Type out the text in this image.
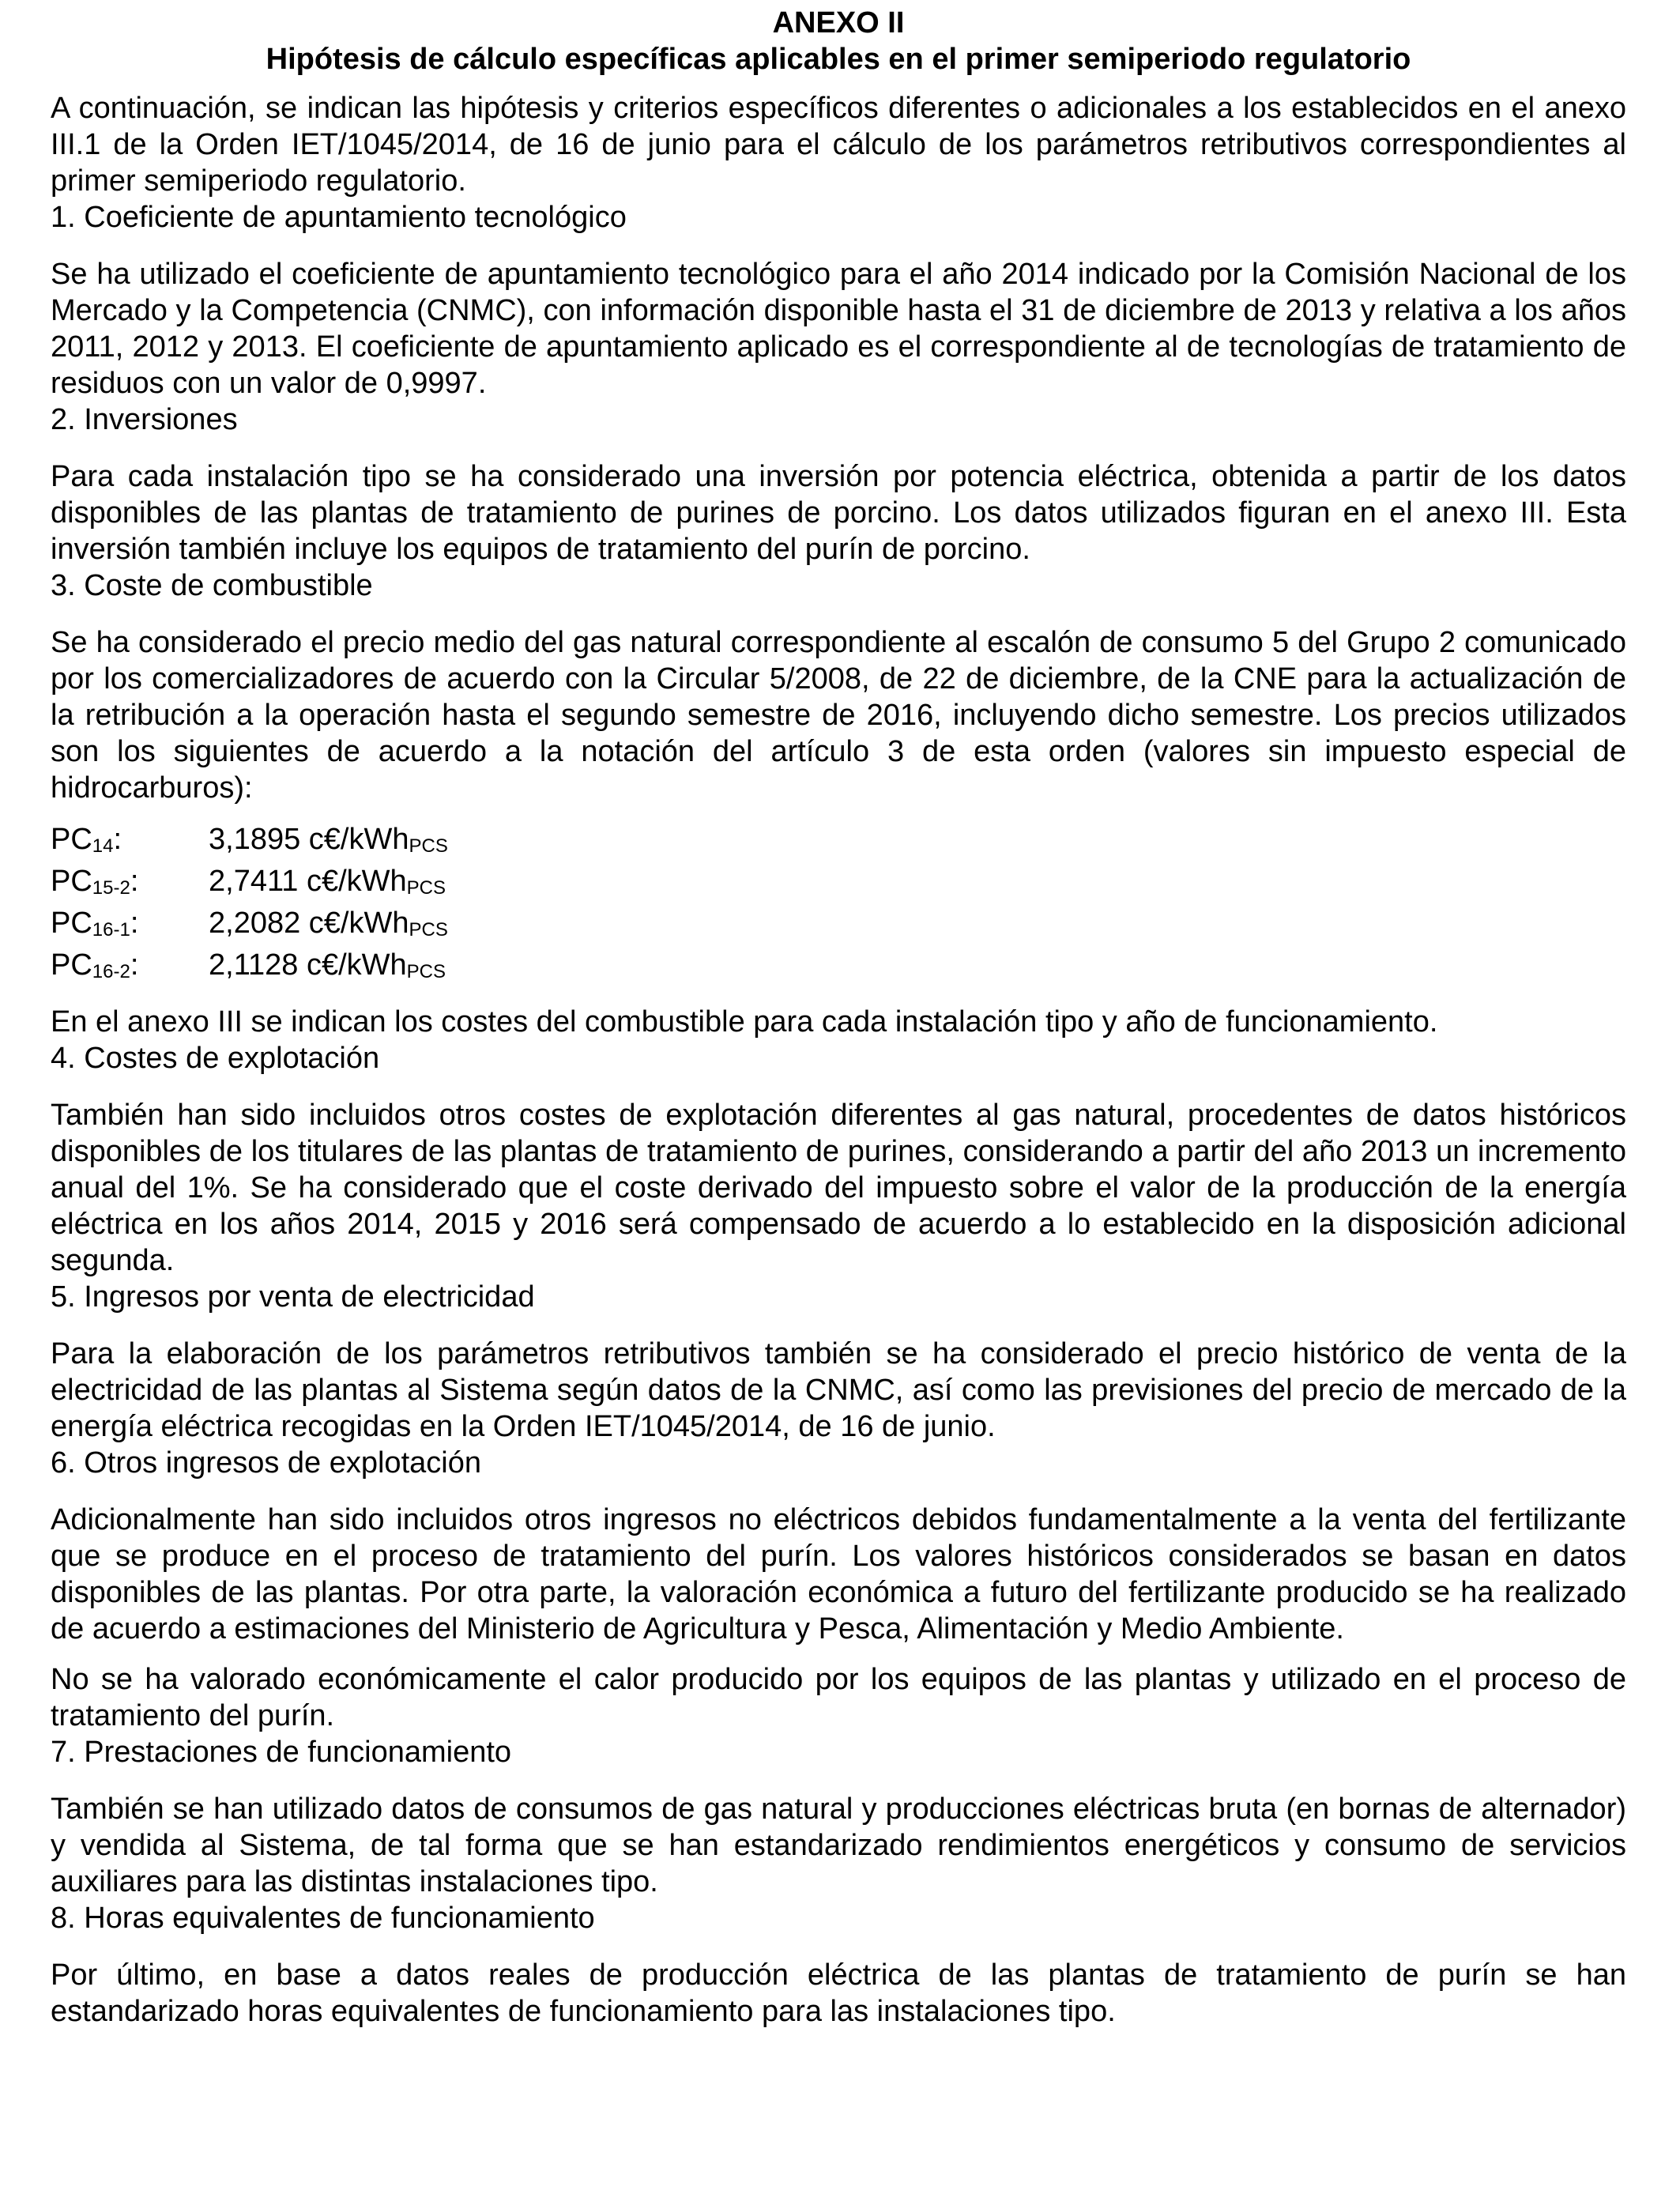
ANEXO II
Hipótesis de cálculo específicas aplicables en el primer semiperiodo regulatorio

A continuación, se indican las hipótesis y criterios específicos diferentes o adicionales a los establecidos en el anexo III.1 de la Orden IET/1045/2014, de 16 de junio para el cálculo de los parámetros retributivos correspondientes al primer semiperiodo regulatorio.

1. Coeficiente de apuntamiento tecnológico

Se ha utilizado el coeficiente de apuntamiento tecnológico para el año 2014 indicado por la Comisión Nacional de los Mercado y la Competencia (CNMC), con información disponible hasta el 31 de diciembre de 2013 y relativa a los años 2011, 2012 y 2013. El coeficiente de apuntamiento aplicado es el correspondiente al de tecnologías de tratamiento de residuos con un valor de 0,9997.

2. Inversiones

Para cada instalación tipo se ha considerado una inversión por potencia eléctrica, obtenida a partir de los datos disponibles de las plantas de tratamiento de purines de porcino. Los datos utilizados figuran en el anexo III. Esta inversión también incluye los equipos de tratamiento del purín de porcino.

3. Coste de combustible

Se ha considerado el precio medio del gas natural correspondiente al escalón de consumo 5 del Grupo 2 comunicado por los comercializadores de acuerdo con la Circular 5/2008, de 22 de diciembre, de la CNE para la actualización de la retribución a la operación hasta el segundo semestre de 2016, incluyendo dicho semestre. Los precios utilizados son los siguientes de acuerdo a la notación del artículo 3 de esta orden (valores sin impuesto especial de hidrocarburos):

$PC_{14}$:	3,1895 c€/kWh$_{PCS}$
$PC_{15-2}$:	2,7411 c€/kWh$_{PCS}$
$PC_{16-1}$:	2,2082 c€/kWh$_{PCS}$
$PC_{16-2}$:	2,1128 c€/kWh$_{PCS}$

En el anexo III se indican los costes del combustible para cada instalación tipo y año de funcionamiento.

4. Costes de explotación

También han sido incluidos otros costes de explotación diferentes al gas natural, procedentes de datos históricos disponibles de los titulares de las plantas de tratamiento de purines, considerando a partir del año 2013 un incremento anual del 1%. Se ha considerado que el coste derivado del impuesto sobre el valor de la producción de la energía eléctrica en los años 2014, 2015 y 2016 será compensado de acuerdo a lo establecido en la disposición adicional segunda.

5. Ingresos por venta de electricidad

Para la elaboración de los parámetros retributivos también se ha considerado el precio histórico de venta de la electricidad de las plantas al Sistema según datos de la CNMC, así como las previsiones del precio de mercado de la energía eléctrica recogidas en la Orden IET/1045/2014, de 16 de junio.

6. Otros ingresos de explotación

Adicionalmente han sido incluidos otros ingresos no eléctricos debidos fundamentalmente a la venta del fertilizante que se produce en el proceso de tratamiento del purín. Los valores históricos considerados se basan en datos disponibles de las plantas. Por otra parte, la valoración económica a futuro del fertilizante producido se ha realizado de acuerdo a estimaciones del Ministerio de Agricultura y Pesca, Alimentación y Medio Ambiente.

No se ha valorado económicamente el calor producido por los equipos de las plantas y utilizado en el proceso de tratamiento del purín.

7. Prestaciones de funcionamiento

También se han utilizado datos de consumos de gas natural y producciones eléctricas bruta (en bornas de alternador) y vendida al Sistema, de tal forma que se han estandarizado rendimientos energéticos y consumo de servicios auxiliares para las distintas instalaciones tipo.

8. Horas equivalentes de funcionamiento

Por último, en base a datos reales de producción eléctrica de las plantas de tratamiento de purín se han estandarizado horas equivalentes de funcionamiento para las instalaciones tipo.
